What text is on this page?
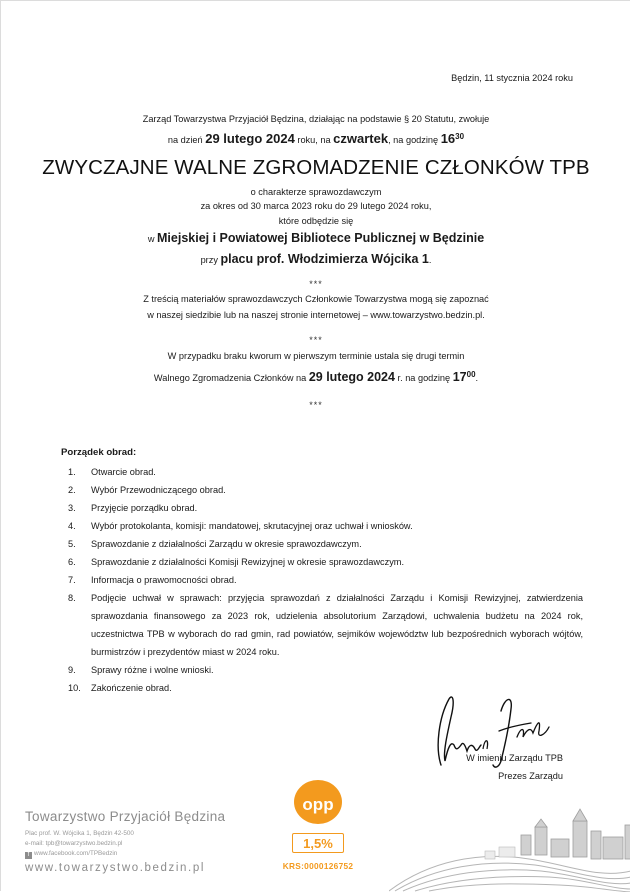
Będzin, 11 stycznia 2024 roku
Zarząd Towarzystwa Przyjaciół Będzina, działając na podstawie § 20 Statutu, zwołuje
na dzień 29 lutego 2024 roku, na czwartek, na godzinę $16^{30}$
ZWYCZAJNE WALNE ZGROMADZENIE CZŁONKÓW TPB
o charakterze sprawozdawczym
za okres od 30 marca 2023 roku do 29 lutego 2024 roku,
które odbędzie się
w Miejskiej i Powiatowej Bibliotece Publicznej w Będzinie
przy placu prof. Włodzimierza Wójcika 1.
***
Z treścią materiałów sprawozdawczych Członkowie Towarzystwa mogą się zapoznać
w naszej siedzibie lub na naszej stronie internetowej – www.towarzystwo.bedzin.pl.
***
W przypadku braku kworum w pierwszym terminie ustala się drugi termin
Walnego Zgromadzenia Członków na 29 lutego 2024 r. na godzinę $17^{00}$.
***
Porządek obrad:
1.	Otwarcie obrad.
2.	Wybór Przewodniczącego obrad.
3.	Przyjęcie porządku obrad.
4.	Wybór protokolanta, komisji: mandatowej, skrutacyjnej oraz uchwał i wniosków.
5.	Sprawozdanie z działalności Zarządu w okresie sprawozdawczym.
6.	Sprawozdanie z działalności Komisji Rewizyjnej w okresie sprawozdawczym.
7.	Informacja o prawomocności obrad.
8.	Podjęcie uchwał w sprawach: przyjęcia sprawozdań z działalności Zarządu i Komisji Rewizyjnej, zatwierdzenia sprawozdania finansowego za 2023 rok, udzielenia absolutorium Zarządowi, uchwalenia budżetu na 2024 rok, uczestnictwa TPB w wyborach do rad gmin, rad powiatów, sejmików województw lub bezpośrednich wyborach wójtów, burmistrzów i prezydentów miast w 2024 roku.
9.	Sprawy różne i wolne wnioski.
10.	Zakończenie obrad.
W imieniu Zarządu TPB
Prezes Zarządu
Towarzystwo Przyjaciół Będzina
Plac prof. W. Wójcika 1, Będzin 42-500
e-mail: tpb@towarzystwo.bedzin.pl
f www.facebook.com/TPBedzin
www.towarzystwo.bedzin.pl
opp
1,5%
KRS:0000126752
